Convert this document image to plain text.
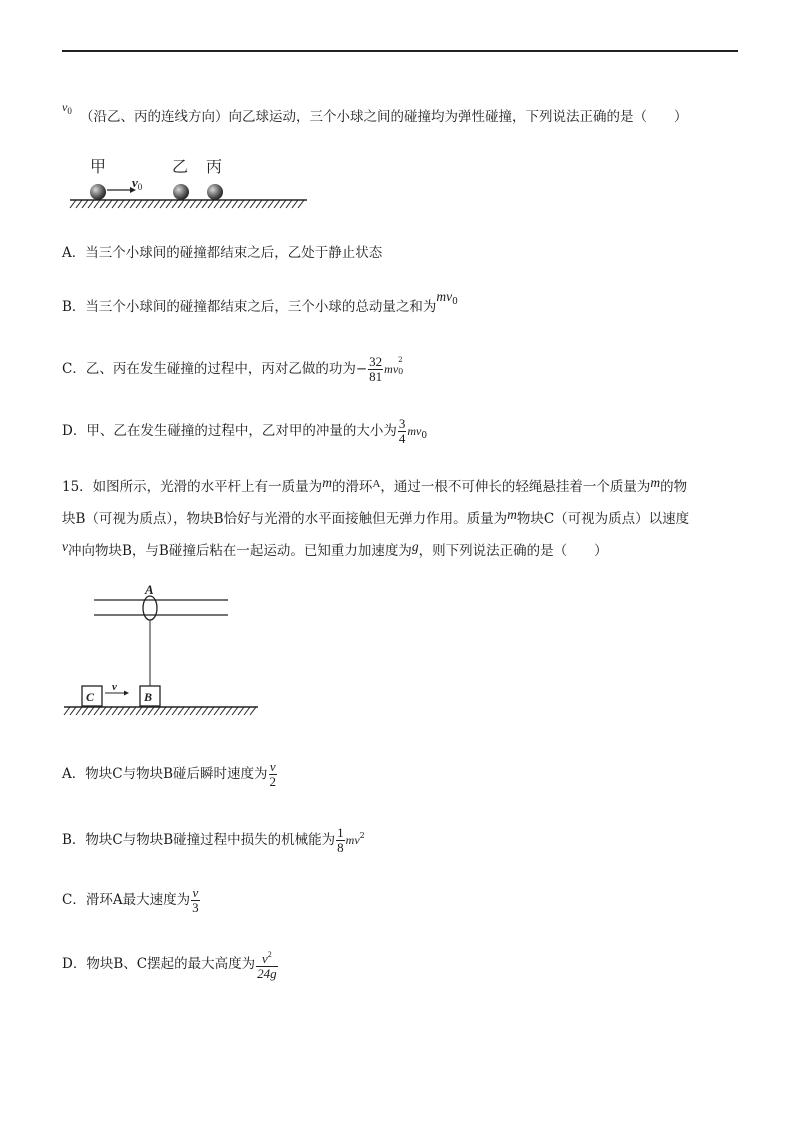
$v_0$ （沿乙、丙的连线方向）向乙球运动，三个小球之间的碰撞均为弹性碰撞，下列说法正确的是（　　）
甲	乙 丙
$v_0$
A．当三个小球间的碰撞都结束之后，乙处于静止状态
B．当三个小球间的碰撞都结束之后，三个小球的总动量之和为$mv^0$
C．乙、丙在发生碰撞的过程中，丙对乙做的功为− $\frac{32}{81}$ mv
2
0

D．甲、乙在发生碰撞的过程中，乙对甲的冲量的大小为 $\frac{3}{4} mv_0$
15．如图所示，光滑的水平杆上有一质量为m的滑环$^A$，通过一根不可伸长的轻绳悬挂着一个质量为m的物
块B（可视为质点），物块B恰好与光滑的水平面接触但无弹力作用。质量为m物块C（可视为质点）以速度
v冲向物块B，与B碰撞后粘在一起运动。已知重力加速度为g，则下列说法正确的是（　　）
A
B
C
v
A．物块C与物块B碰后瞬时速度为 $\frac{v}{2}$
B．物块C与物块B碰撞过程中损失的机械能为 $\frac{1}{8} mv^2$
C．滑环A最大速度为 $\frac{v}{3}$
D．物块B、C摆起的最大高度为 $\frac{v^2}{24g}$
